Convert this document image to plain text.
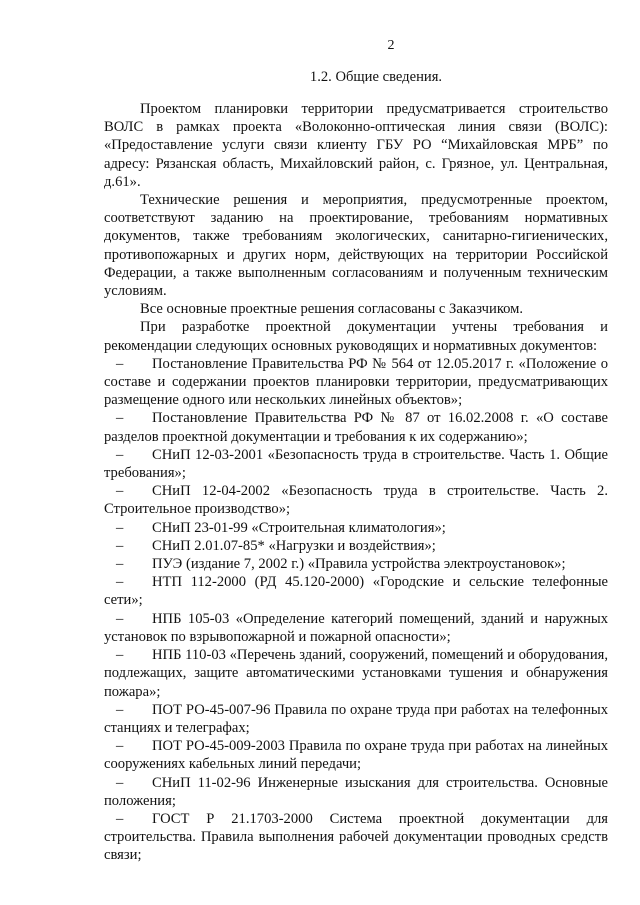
2
1.2. Общие сведения.

Проектом планировки территории предусматривается строительство ВОЛС в рамках проекта «Волоконно-оптическая линия связи (ВОЛС): «Предоставление услуги связи клиенту ГБУ РО “Михайловская МРБ” по адресу: Рязанская область, Михайловский район, с. Грязное, ул. Центральная, д.61».

Технические решения и мероприятия, предусмотренные проектом, соответствуют заданию на проектирование, требованиям нормативных документов, также требованиям экологических, санитарно-гигиенических, противопожарных и других норм, действующих на территории Российской Федерации, а также выполненным согласованиям и полученным техническим условиям.

Все основные проектные решения согласованы с Заказчиком.

При разработке проектной документации учтены требования и рекомендации следующих основных руководящих и нормативных документов:

– Постановление Правительства РФ № 564 от 12.05.2017 г. «Положение о составе и содержании проектов планировки территории, предусматривающих размещение одного или нескольких линейных объектов»;

– Постановление Правительства РФ № 87 от 16.02.2008 г. «О составе разделов проектной документации и требования к их содержанию»;

– СНиП 12-03-2001 «Безопасность труда в строительстве. Часть 1. Общие требования»;

– СНиП 12-04-2002 «Безопасность труда в строительстве. Часть 2. Строительное производство»;

– СНиП 23-01-99 «Строительная климатология»;

– СНиП 2.01.07-85* «Нагрузки и воздействия»;

– ПУЭ (издание 7, 2002 г.) «Правила устройства электроустановок»;

– НТП 112-2000 (РД 45.120-2000) «Городские и сельские телефонные сети»;

– НПБ 105-03 «Определение категорий помещений, зданий и наружных установок по взрывопожарной и пожарной опасности»;

– НПБ 110-03 «Перечень зданий, сооружений, помещений и оборудования, подлежащих, защите автоматическими установками тушения и обнаружения пожара»;

– ПОТ РО-45-007-96 Правила по охране труда при работах на телефонных станциях и телеграфах;

– ПОТ РО-45-009-2003 Правила по охране труда при работах на линейных сооружениях кабельных линий передачи;

– СНиП 11-02-96 Инженерные изыскания для строительства. Основные положения;

– ГОСТ Р 21.1703-2000 Система проектной документации для строительства. Правила выполнения рабочей документации проводных средств связи;
